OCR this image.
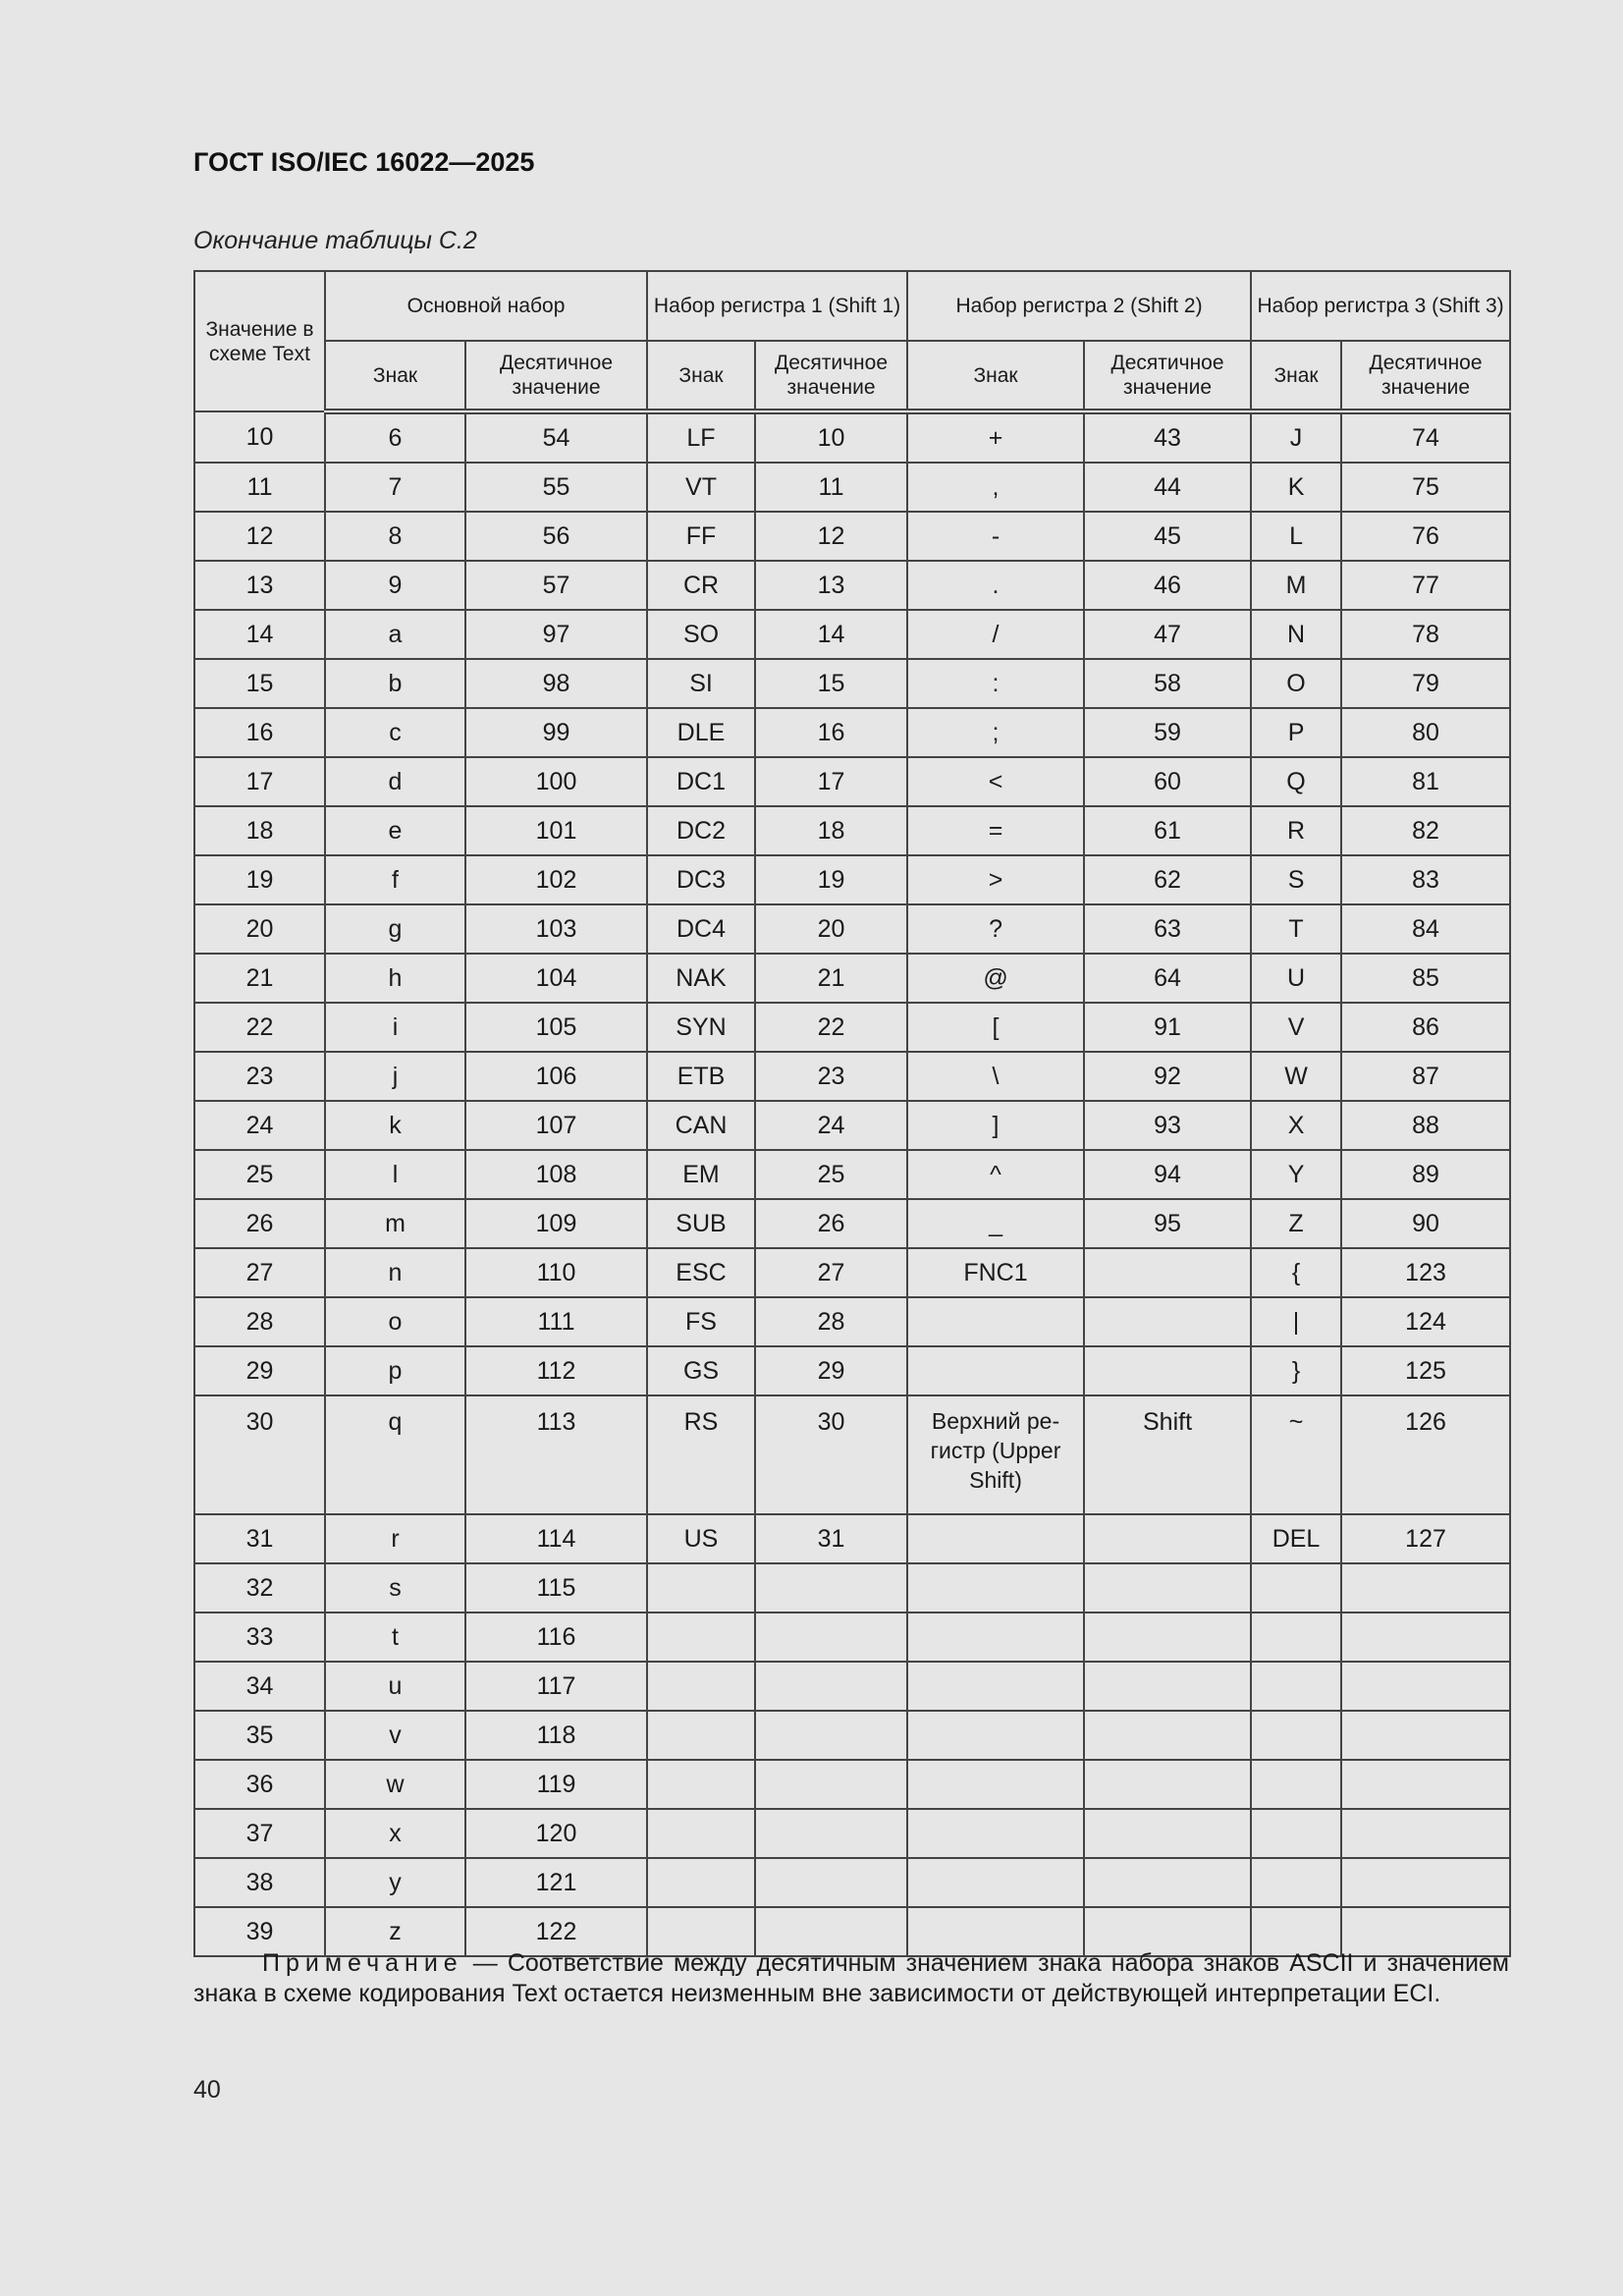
ГОСТ ISO/IEC 16022—2025
Окончание таблицы С.2
Значение в схеме Text	Основной набор		Набор регистра 1 (Shift 1)		Набор регистра 2 (Shift 2)		Набор регистра 3 (Shift 3)	
	Знак	Десятичное значение	Знак	Десятичное значение	Знак	Десятичное значение	Знак	Десятичное значение
10	6	54	LF	10	+	43	J	74
11	7	55	VT	11	,	44	K	75
12	8	56	FF	12	-	45	L	76
13	9	57	CR	13	.	46	M	77
14	a	97	SO	14	/	47	N	78
15	b	98	SI	15	:	58	O	79
16	c	99	DLE	16	;	59	P	80
17	d	100	DC1	17	<	60	Q	81
18	e	101	DC2	18	=	61	R	82
19	f	102	DC3	19	>	62	S	83
20	g	103	DC4	20	?	63	T	84
21	h	104	NAK	21	@	64	U	85
22	i	105	SYN	22	[	91	V	86
23	j	106	ETB	23	\	92	W	87
24	k	107	CAN	24	]	93	X	88
25	l	108	EM	25	^	94	Y	89
26	m	109	SUB	26	_	95	Z	90
27	n	110	ESC	27	FNC1		{	123
28	o	111	FS	28			|	124
29	p	112	GS	29			}	125
30	q	113	RS	30	Верхний ре-гистр (Upper Shift)	Shift	~	126
31	r	114	US	31			DEL	127
32	s	115						
33	t	116						
34	u	117						
35	v	118						
36	w	119						
37	x	120						
38	y	121						
39	z	122						
Примечание — Соответствие между десятичным значением знака набора знаков ASCII и значением знака в схеме кодирования Text остается неизменным вне зависимости от действующей интерпретации ECI.
40
